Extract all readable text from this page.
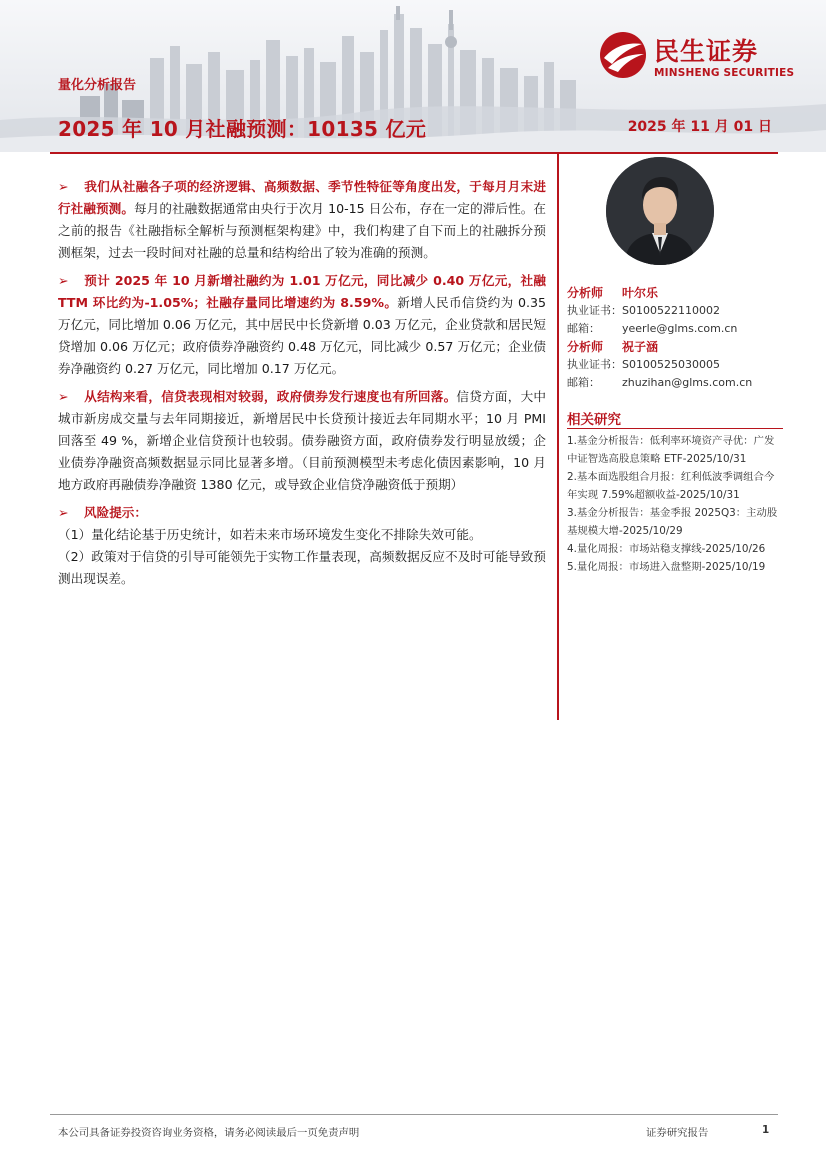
量化分析报告
2025 年 10 月社融预测：10135 亿元	2025 年 11 月 01 日
民生证券
MINSHENG SECURITIES
➢ 我们从社融各子项的经济逻辑、高频数据、季节性特征等角度出发，于每月月末进行社融预测。每月的社融数据通常由央行于次月 10-15 日公布，存在一定的滞后性。在之前的报告《社融指标全解析与预测框架构建》中，我们构建了自下而上的社融拆分预测框架，过去一段时间对社融的总量和结构给出了较为准确的预测。
➢ 预计 2025 年 10 月新增社融约为 1.01 万亿元，同比减少 0.40 万亿元，社融 TTM 环比约为-1.05%；社融存量同比增速约为 8.59%。新增人民币信贷约为 0.35 万亿元，同比增加 0.06 万亿元，其中居民中长贷新增 0.03 万亿元，企业贷款和居民短贷增加 0.06 万亿元；政府债券净融资约 0.48 万亿元，同比减少 0.57 万亿元；企业债券净融资约 0.27 万亿元，同比增加 0.17 万亿元。
➢ 从结构来看，信贷表现相对较弱，政府债券发行速度也有所回落。信贷方面，大中城市新房成交量与去年同期接近，新增居民中长贷预计接近去年同期水平；10 月 PMI 回落至 49 %，新增企业信贷预计也较弱。债券融资方面，政府债券发行明显放缓；企业债券净融资高频数据显示同比显著多增。（目前预测模型未考虑化债因素影响，10 月地方政府再融债券净融资 1380 亿元，或导致企业信贷净融资低于预期）
➢ 风险提示：
（1）量化结论基于历史统计，如若未来市场环境发生变化不排除失效可能。
（2）政策对于信贷的引导可能领先于实物工作量表现，高频数据反应不及时可能导致预测出现误差。
分析师	叶尔乐
执业证书： S0100522110002
邮箱：	yeerle@glms.com.cn
分析师	祝子涵
执业证书： S0100525030005
邮箱：	zhuzihan@glms.com.cn
相关研究
1.基金分析报告：低利率环境资产寻优：广发中证智选高股息策略 ETF-2025/10/31
2.基本面选股组合月报：红利低波季调组合今年实现 7.59%超额收益-2025/10/31
3.基金分析报告：基金季报 2025Q3：主动股基规模大增-2025/10/29
4.量化周报：市场站稳支撑线-2025/10/26
5.量化周报：市场进入盘整期-2025/10/19
本公司具备证券投资咨询业务资格，请务必阅读最后一页免责声明	证券研究报告	1
